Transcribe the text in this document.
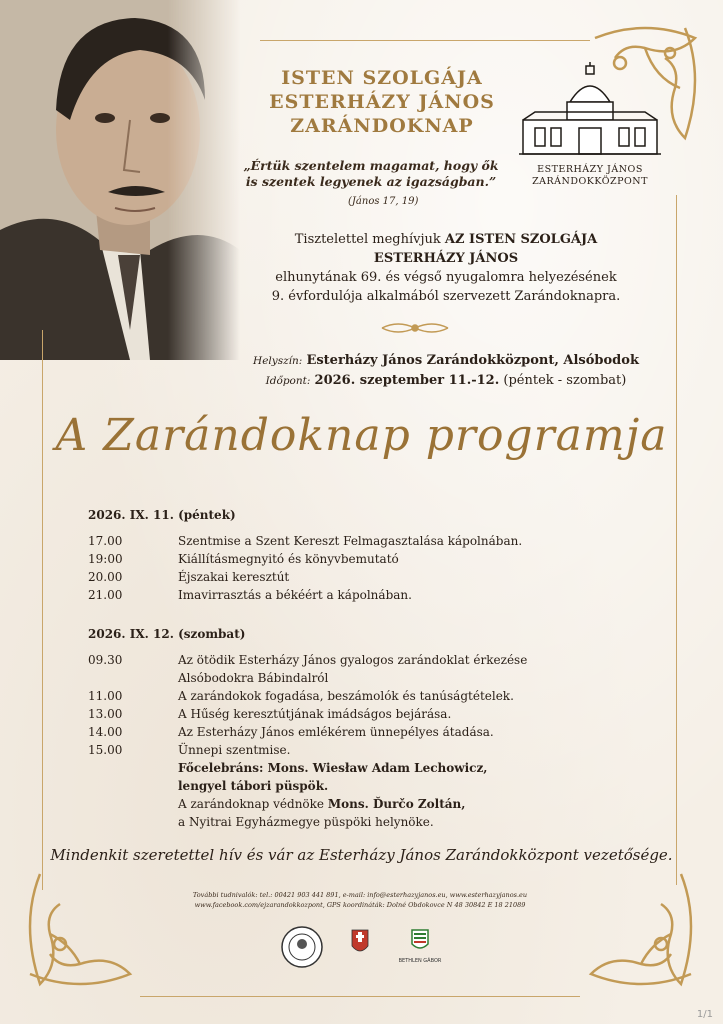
ISTEN SZOLGÁJA
ESTERHÁZY JÁNOS
ZARÁNDOKNAP
ESTERHÁZY JÁNOS
ZARÁNDOKKÖZPONT
„Értük szentelem magamat, hogy ők is szentek legyenek az igazságban.”
(János 17, 19)
Tisztelettel meghívjuk AZ ISTEN SZOLGÁJA
ESTERHÁZY JÁNOS
elhunytának 69. és végső nyugalomra helyezésének
9. évfordulója alkalmából szervezett Zarándoknapra.
Helyszín: Esterházy János Zarándokközpont, Alsóbodok
Időpont: 2026. szeptember 11.-12. (péntek - szombat)
A Zarándoknap programja
2026. IX. 11. (péntek)
17.00	Szentmise a Szent Kereszt Felmagasztalása kápolnában.
19:00	Kiállításmegnyitó és könyvbemutató
20.00	Éjszakai keresztút
21.00	Imavirrasztás a békéért a kápolnában.
2026. IX. 12. (szombat)
09.30	Az ötödik Esterházy János gyalogos zarándoklat érkezése
Alsóbodokra Bábindalról
11.00	A zarándokok fogadása, beszámolók és tanúságtételek.
13.00	A Hűség keresztútjának imádságos bejárása.
14.00	Az Esterházy János emlékérem ünnepélyes átadása.
15.00	Ünnepi szentmise.
Főcelebráns: Mons. Wiesław Adam Lechowicz,
lengyel tábori püspök.
A zarándoknap védnöke Mons. Ďurčo Zoltán,
a Nyitrai Egyházmegye püspöki helynöke.
Mindenkit szeretettel hív és vár az Esterházy János Zarándokközpont vezetősége.
További tudnivalók: tel.: 00421 903 441 891, e-mail: info@esterhazyjanos.eu, www.esterhazyjanos.eu
www.facebook.com/ejzarandokkozpont, GPS koordináták: Dolné Obdokovce N 48 30842 E 18 21089
BETHLEN GÁBOR
1/1
